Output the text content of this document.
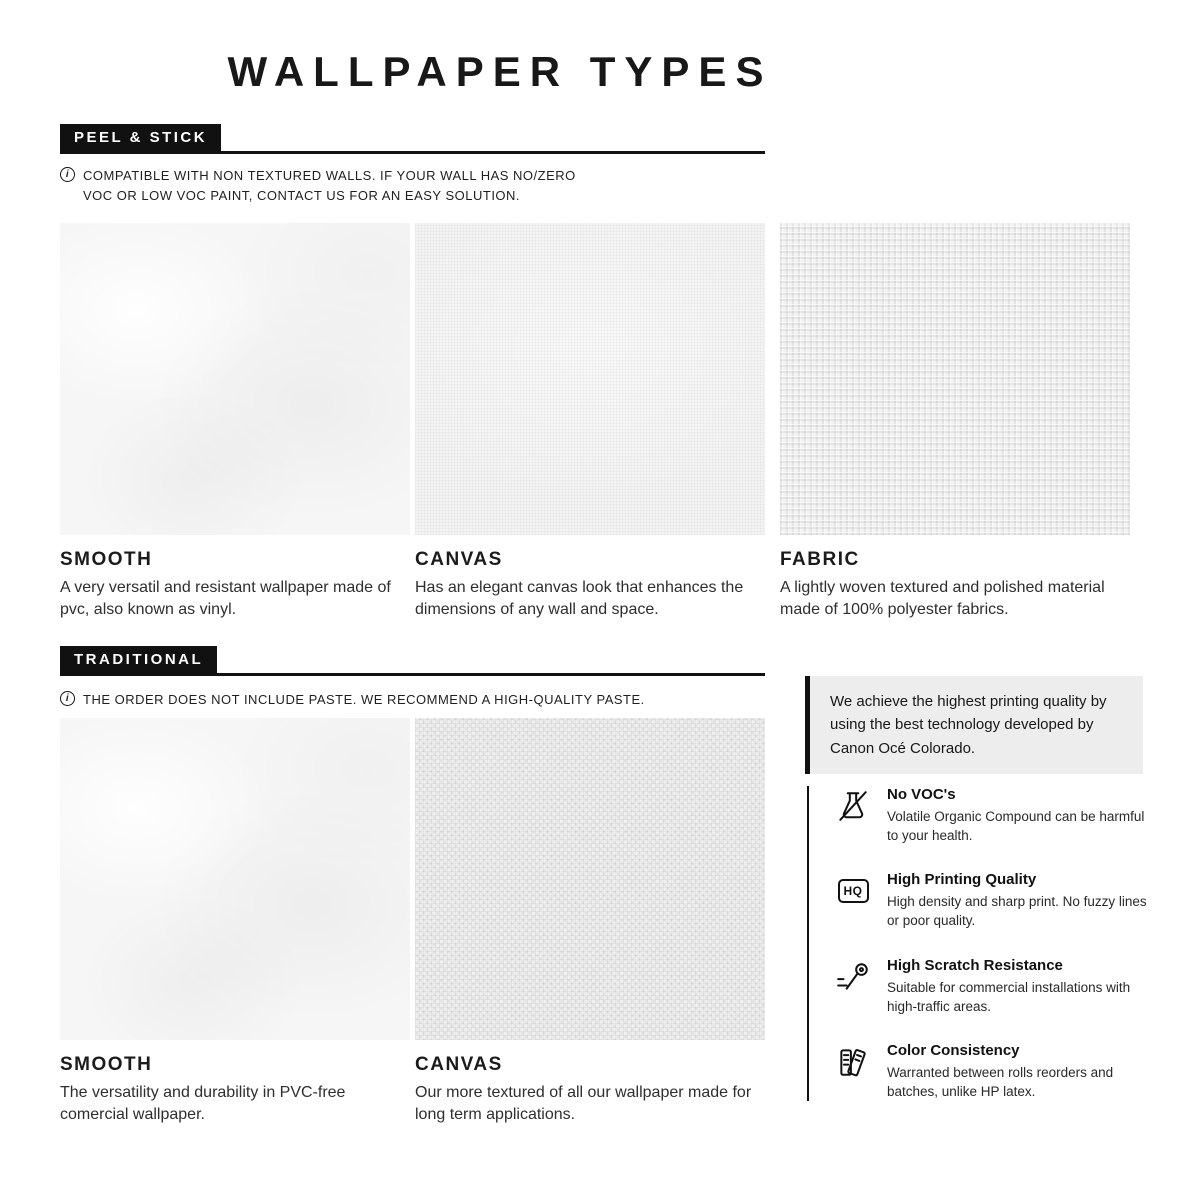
WALLPAPER TYPES
PEEL & STICK
i	COMPATIBLE WITH NON TEXTURED WALLS. IF YOUR WALL HAS NO/ZERO VOC OR LOW VOC PAINT, CONTACT US FOR AN EASY SOLUTION.
SMOOTH
A very versatil and resistant wallpaper made of pvc, also known as vinyl.
CANVAS
Has an elegant canvas look that enhances the dimensions of any wall and space.
FABRIC
A lightly woven textured and polished material made of 100% polyester fabrics.
TRADITIONAL
i	THE ORDER DOES NOT INCLUDE PASTE. WE RECOMMEND A HIGH-QUALITY PASTE.
SMOOTH
The versatility and durability in PVC-free comercial wallpaper.
CANVAS
Our more textured of all our wallpaper made for long term applications.
We achieve the highest printing quality by using the best technology developed by Canon Océ Colorado.
No VOC's
Volatile Organic Compound can be harmful to your health.
HQ
High Printing Quality
High density and sharp print. No fuzzy lines or poor quality.
High Scratch Resistance
Suitable for commercial installations with high-traffic areas.
Color Consistency
Warranted between rolls reorders and batches, unlike HP latex.
